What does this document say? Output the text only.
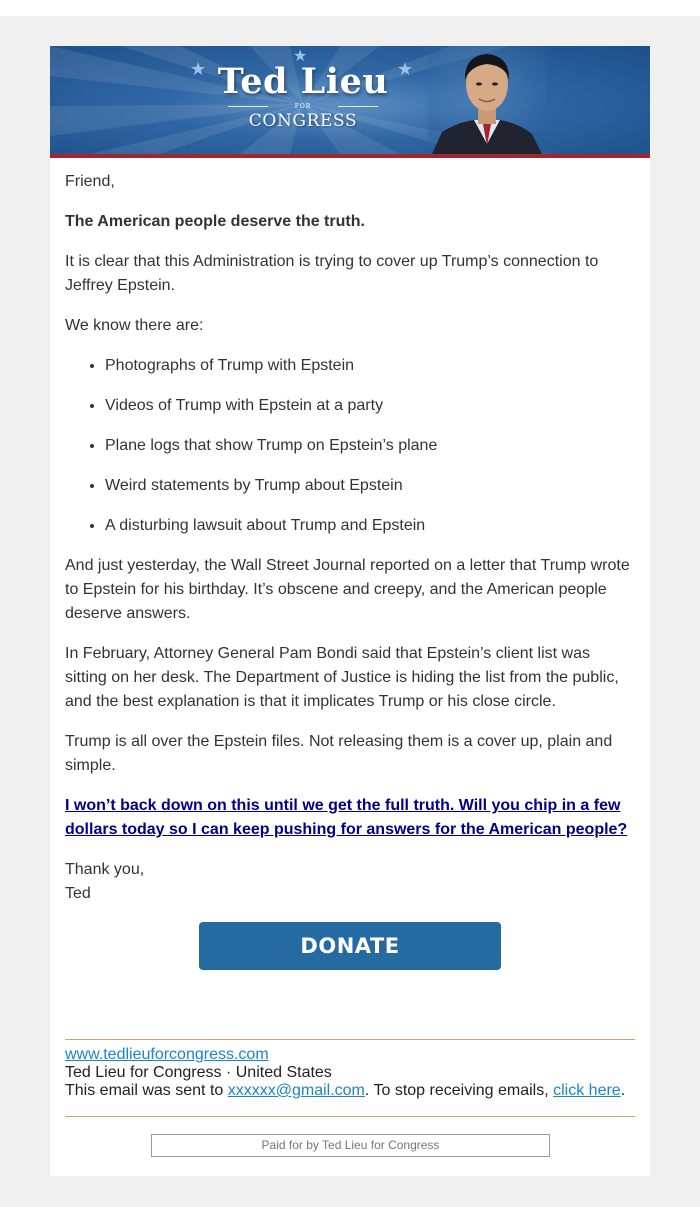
★
★
★
Ted Lieu
FOR
CONGRESS

Friend,

The American people deserve the truth.

It is clear that this Administration is trying to cover up Trump’s connection to Jeffrey Epstein.

We know there are:

• Photographs of Trump with Epstein
• Videos of Trump with Epstein at a party
• Plane logs that show Trump on Epstein’s plane
• Weird statements by Trump about Epstein
• A disturbing lawsuit about Trump and Epstein

And just yesterday, the Wall Street Journal reported on a letter that Trump wrote to Epstein for his birthday. It’s obscene and creepy, and the American people deserve answers.

In February, Attorney General Pam Bondi said that Epstein’s client list was sitting on her desk. The Department of Justice is hiding the list from the public, and the best explanation is that it implicates Trump or his close circle.

Trump is all over the Epstein files. Not releasing them is a cover up, plain and simple.

I won’t back down on this until we get the full truth. Will you chip in a few dollars today so I can keep pushing for answers for the American people?

Thank you,
Ted

DONATE
www.tedlieuforcongress.com
Ted Lieu for Congress · United States
This email was sent to xxxxxx@gmail.com. To stop receiving emails, click here.
Paid for by Ted Lieu for Congress
